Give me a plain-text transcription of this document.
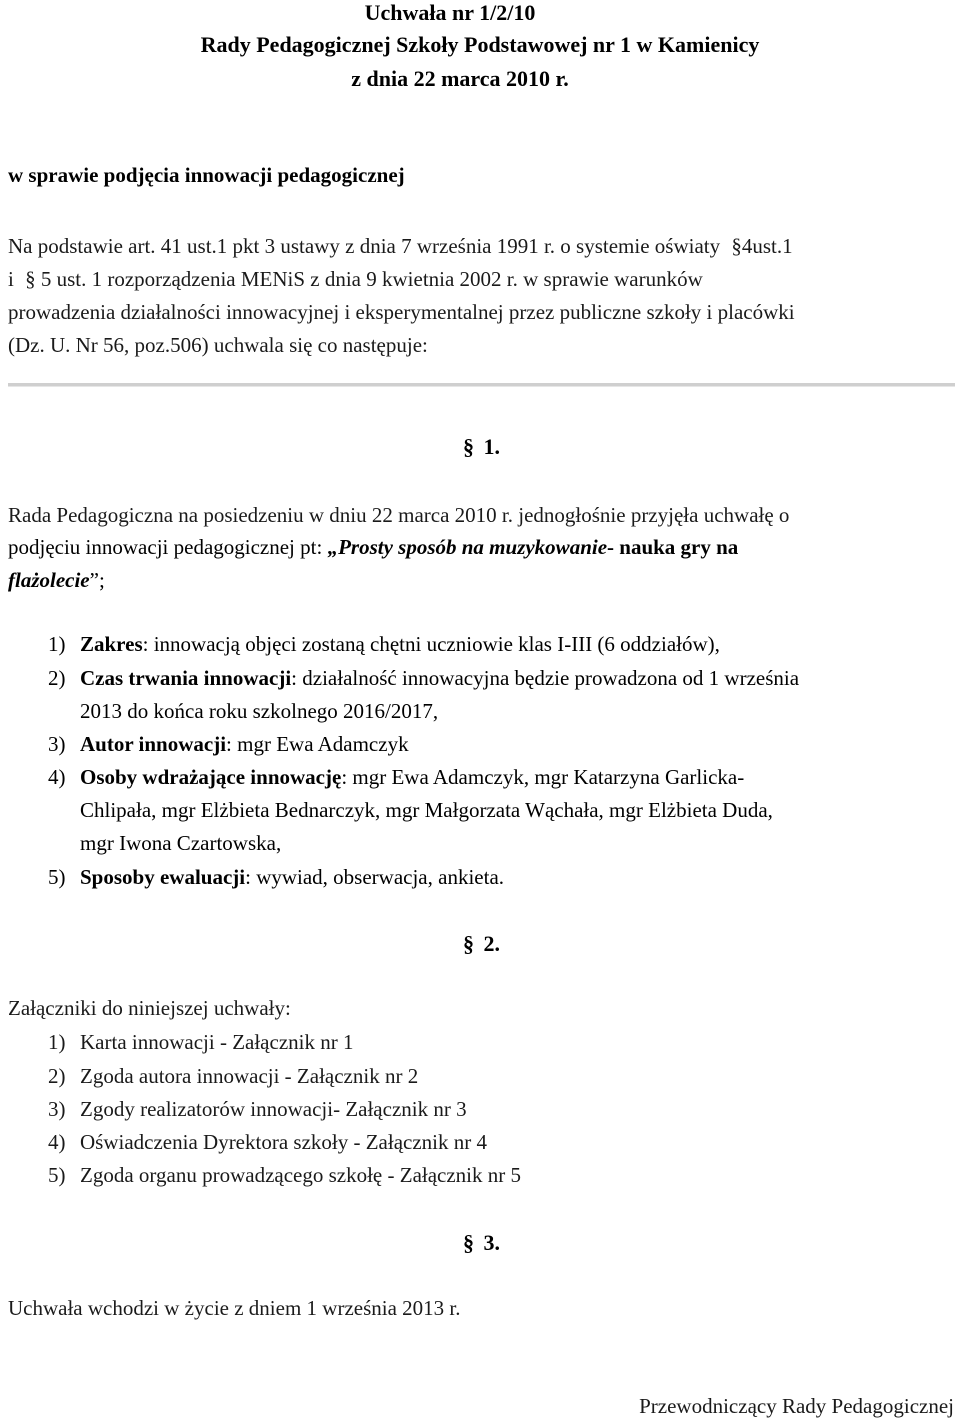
Uchwała nr 1/2/10
Rady Pedagogicznej Szkoły Podstawowej nr 1 w Kamienicy
z dnia 22 marca 2010 r.
w sprawie podjęcia innowacji pedagogicznej
Na podstawie art. 41 ust.1 pkt 3 ustawy z dnia 7 września 1991 r. o systemie oświaty §4ust.1
i § 5 ust. 1 rozporządzenia MENiS z dnia 9 kwietnia 2002 r. w sprawie warunków
prowadzenia działalności innowacyjnej i eksperymentalnej przez publiczne szkoły i placówki
(Dz. U. Nr 56, poz.506) uchwala się co następuje:
§ 1.
Rada Pedagogiczna na posiedzeniu w dniu 22 marca 2010 r. jednogłośnie przyjęła uchwałę o
podjęciu innowacji pedagogicznej pt: „Prosty sposób na muzykowanie- nauka gry na
flażolecie”;
1) Zakres: innowacją objęci zostaną chętni uczniowie klas I-III (6 oddziałów),
2) Czas trwania innowacji: działalność innowacyjna będzie prowadzona od 1 września
2013 do końca roku szkolnego 2016/2017,
3) Autor innowacji: mgr Ewa Adamczyk
4) Osoby wdrażające innowację: mgr Ewa Adamczyk, mgr Katarzyna Garlicka-
Chlipała, mgr Elżbieta Bednarczyk, mgr Małgorzata Wąchała, mgr Elżbieta Duda,
mgr Iwona Czartowska,
5) Sposoby ewaluacji: wywiad, obserwacja, ankieta.
§ 2.
Załączniki do niniejszej uchwały:
1) Karta innowacji - Załącznik nr 1
2) Zgoda autora innowacji - Załącznik nr 2
3) Zgody realizatorów innowacji- Załącznik nr 3
4) Oświadczenia Dyrektora szkoły - Załącznik nr 4
5) Zgoda organu prowadzącego szkołę - Załącznik nr 5
§ 3.
Uchwała wchodzi w życie z dniem 1 września 2013 r.
Przewodniczący Rady Pedagogicznej
